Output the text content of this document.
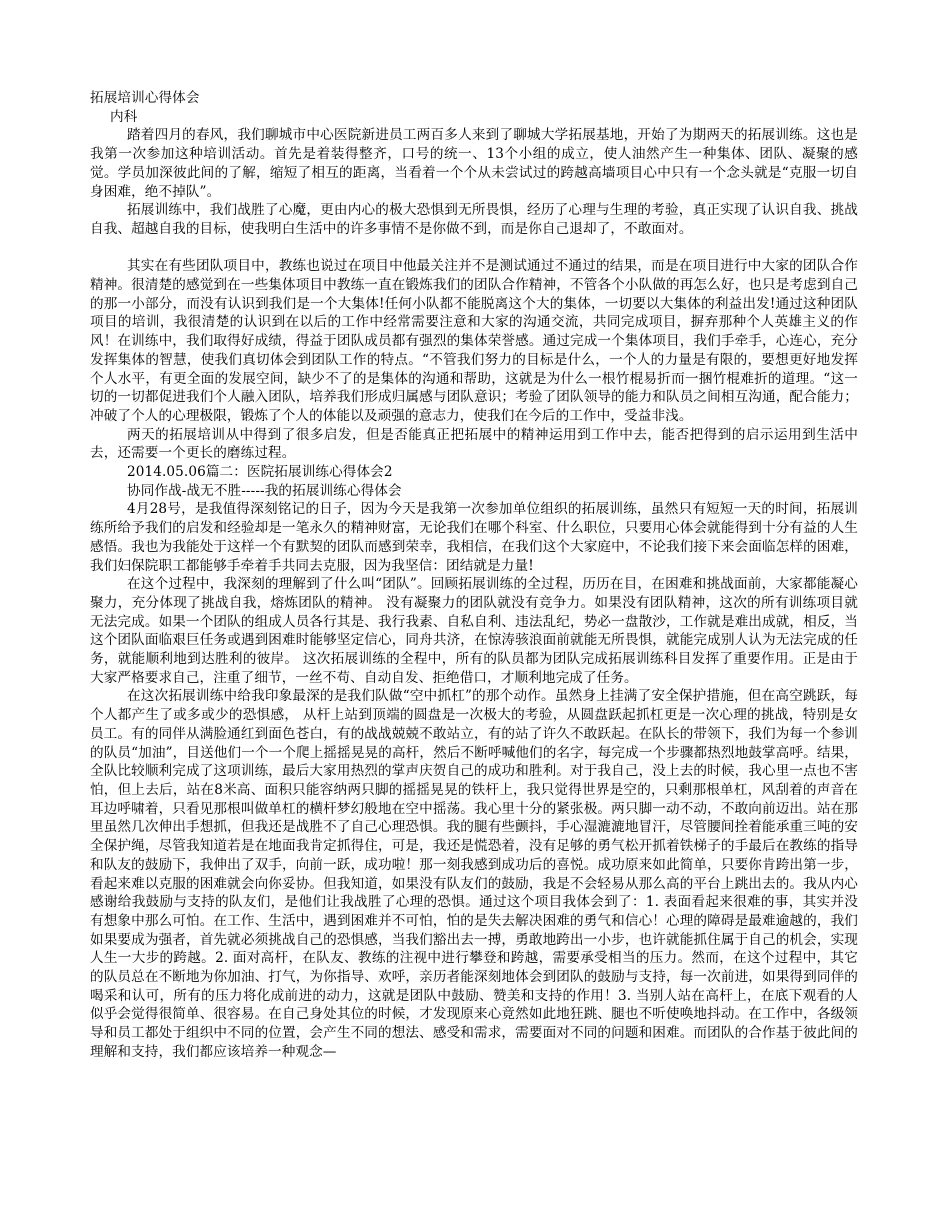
拓展培训心得体会

内科

踏着四月的春风，我们聊城市中心医院新进员工两百多人来到了聊城大学拓展基地，开始了为期两天的拓展训练。这也是我第一次参加这种培训活动。首先是着装得整齐，口号的统一、13个小组的成立，使人油然产生一种集体、团队、凝聚的感觉。学员加深彼此间的了解，缩短了相互的距离，当看着一个个从未尝试过的跨越高墙项目心中只有一个念头就是“克服一切自身困难，绝不掉队”。

拓展训练中，我们战胜了心魔，更由内心的极大恐惧到无所畏惧，经历了心理与生理的考验，真正实现了认识自我、挑战自我、超越自我的目标，使我明白生活中的许多事情不是你做不到，而是你自己退却了，不敢面对。

其实在有些团队项目中，教练也说过在项目中他最关注并不是测试通过不通过的结果，而是在项目进行中大家的团队合作精神。很清楚的感觉到在一些集体项目中教练一直在锻炼我们的团队合作精神，不管各个小队做的再怎么好，也只是考虑到自己的那一小部分，而没有认识到我们是一个大集体!任何小队都不能脱离这个大的集体，一切要以大集体的利益出发!通过这种团队项目的培训，我很清楚的认识到在以后的工作中经常需要注意和大家的沟通交流，共同完成项目，摒弃那种个人英雄主义的作风！在训练中，我们取得好成绩，得益于团队成员都有强烈的集体荣誉感。通过完成一个集体项目，我们手牵手，心连心，充分发挥集体的智慧，使我们真切体会到团队工作的特点。“不管我们努力的目标是什么，一个人的力量是有限的，要想更好地发挥个人水平，有更全面的发展空间，缺少不了的是集体的沟通和帮助，这就是为什么一根竹棍易折而一捆竹棍难折的道理。“这一切的一切都促进我们个人融入团队，培养我们形成归属感与团队意识；考验了团队领导的能力和队员之间相互沟通，配合能力；冲破了个人的心理极限，锻炼了个人的体能以及顽强的意志力，使我们在今后的工作中，受益非浅。

两天的拓展培训从中得到了很多启发，但是否能真正把拓展中的精神运用到工作中去，能否把得到的启示运用到生活中去，还需要一个更长的磨练过程。

2014.05.06篇二：医院拓展训练心得体会2

协同作战-战无不胜-----我的拓展训练心得体会

4月28号，是我值得深刻铭记的日子，因为今天是我第一次参加单位组织的拓展训练，虽然只有短短一天的时间，拓展训练所给予我们的启发和经验却是一笔永久的精神财富，无论我们在哪个科室、什么职位，只要用心体会就能得到十分有益的人生感悟。我也为我能处于这样一个有默契的团队而感到荣幸，我相信，在我们这个大家庭中，不论我们接下来会面临怎样的困难，我们妇保院职工都能够手牵着手共同去克服，因为我坚信：团结就是力量!

在这个过程中，我深刻的理解到了什么叫“团队”。回顾拓展训练的全过程，历历在目，在困难和挑战面前，大家都能凝心聚力，充分体现了挑战自我，熔炼团队的精神。 没有凝聚力的团队就没有竞争力。如果没有团队精神，这次的所有训练项目就无法完成。如果一个团队的组成人员各行其是、我行我素、自私自利、违法乱纪，势必一盘散沙，工作就是难出成就，相反，当这个团队面临艰巨任务或遇到困难时能够坚定信心，同舟共济，在惊涛骇浪面前就能无所畏惧，就能完成别人认为无法完成的任务，就能顺利地到达胜利的彼岸。 这次拓展训练的全程中，所有的队员都为团队完成拓展训练科目发挥了重要作用。正是由于大家严格要求自己，注重了细节，一丝不苟、自动自发、拒绝借口，才顺利地完成了任务。

在这次拓展训练中给我印象最深的是我们队做“空中抓杠”的那个动作。虽然身上挂满了安全保护措施，但在高空跳跃，每个人都产生了或多或少的恐惧感， 从杆上站到顶端的圆盘是一次极大的考验，从圆盘跃起抓杠更是一次心理的挑战，特别是女员工。有的同伴从满脸通红到面色苍白，有的战战兢兢不敢站立，有的站了许久不敢跃起。在队长的带领下，我们为每一个参训的队员“加油”，目送他们一个一个爬上摇摇晃晃的高杆，然后不断呼喊他们的名字，每完成一个步骤都热烈地鼓掌高呼。结果，全队比较顺利完成了这项训练，最后大家用热烈的掌声庆贺自己的成功和胜利。对于我自己，没上去的时候，我心里一点也不害怕，但上去后，站在8米高、面积只能容纳两只脚的摇摇晃晃的铁杆上，我只觉得世界是空的，只剩那根单杠，风刮着的声音在耳边呼啸着，只看见那根叫做单杠的横杆梦幻般地在空中摇荡。我心里十分的紧张极。两只脚一动不动，不敢向前迈出。站在那里虽然几次伸出手想抓，但我还是战胜不了自己心理恐惧。我的腿有些颤抖，手心湿漉漉地冒汗，尽管腰间拴着能承重三吨的安全保护绳，尽管我知道若是在地面我肯定抓得住，可是，我还是慌恐着，没有足够的勇气松开抓着铁梯子的手最后在教练的指导和队友的鼓励下，我伸出了双手，向前一跃，成功啦！那一刻我感到成功后的喜悦。成功原来如此简单，只要你肯跨出第一步，看起来难以克服的困难就会向你妥协。但我知道，如果没有队友们的鼓励，我是不会轻易从那么高的平台上跳出去的。我从内心感谢给我鼓励与支持的队友们，是他们让我战胜了心理的恐惧。通过这个项目我体会到了：1. 表面看起来很难的事，其实并没有想象中那么可怕。在工作、生活中，遇到困难并不可怕，怕的是失去解决困难的勇气和信心！心理的障碍是最难逾越的，我们如果要成为强者，首先就必须挑战自己的恐惧感，当我们豁出去一搏，勇敢地跨出一小步，也许就能抓住属于自己的机会，实现人生一大步的跨越。2. 面对高杆，在队友、教练的注视中进行攀登和跨越，需要承受相当的压力。然而，在这个过程中，其它的队员总在不断地为你加油、打气，为你指导、欢呼，亲历者能深刻地体会到团队的鼓励与支持，每一次前进，如果得到同伴的喝采和认可，所有的压力将化成前进的动力，这就是团队中鼓励、赞美和支持的作用！3. 当别人站在高杆上，在底下观看的人似乎会觉得很简单、很容易。在自己身处其位的时候，才发现原来心竟然如此地狂跳、腿也不听使唤地抖动。在工作中，各级领导和员工都处于组织中不同的位置，会产生不同的想法、感受和需求，需要面对不同的问题和困难。而团队的合作基于彼此间的理解和支持，我们都应该培养一种观念—
